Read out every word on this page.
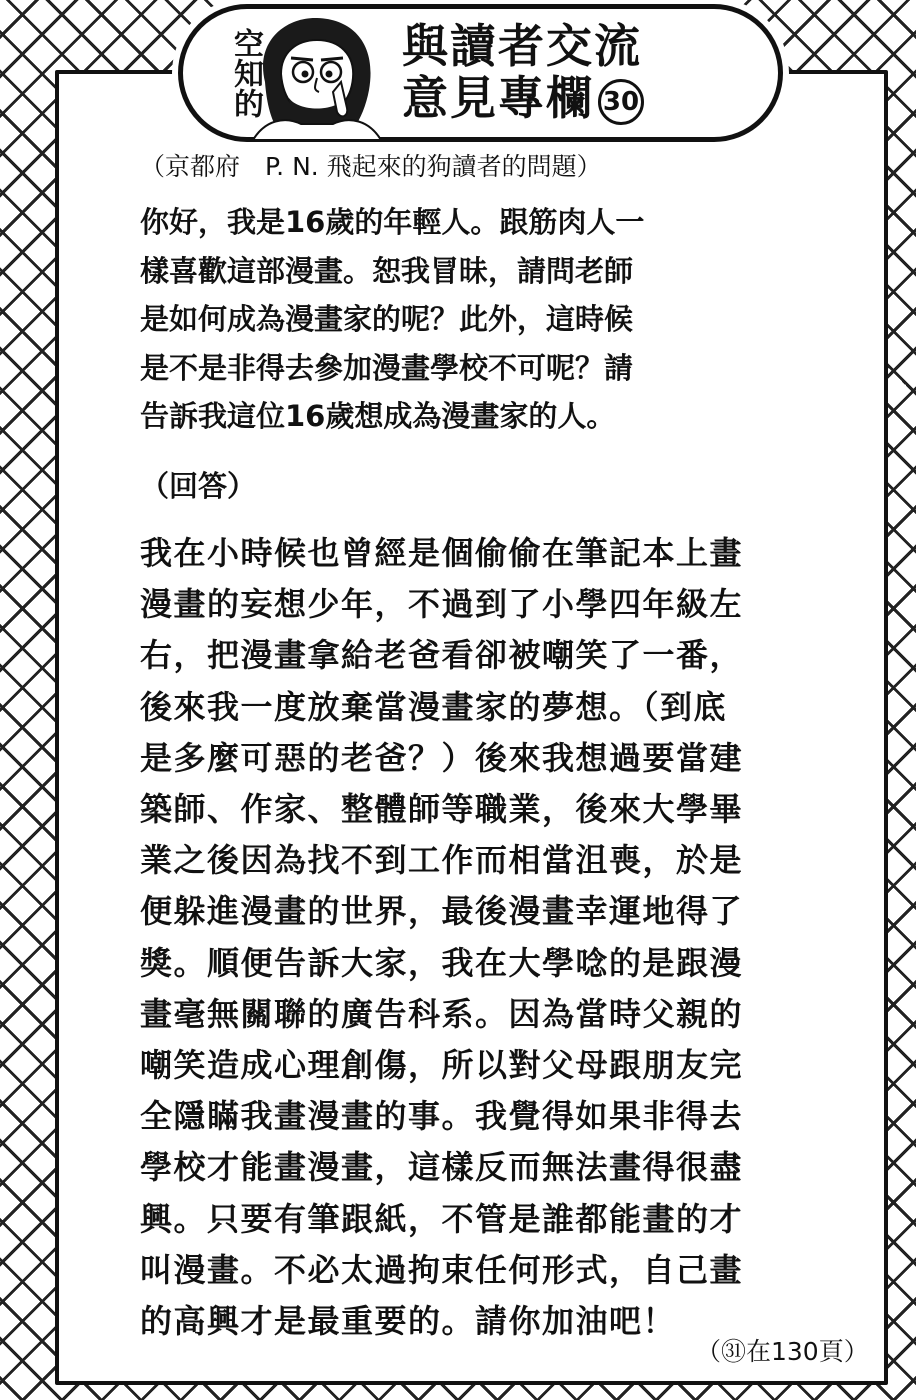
空知的	與讀者交流
意見專欄 30
（京都府　P. N. 飛起來的狗讀者的問題）
你好，我是16歲的年輕人。跟筋肉人一
樣喜歡這部漫畫。恕我冒昧，請問老師
是如何成為漫畫家的呢？此外，這時候
是不是非得去參加漫畫學校不可呢？請
告訴我這位16歲想成為漫畫家的人。
（回答）
我在小時候也曾經是個偷偷在筆記本上畫
漫畫的妄想少年，不過到了小學四年級左
右，把漫畫拿給老爸看卻被嘲笑了一番，
後來我一度放棄當漫畫家的夢想。（到底
是多麼可惡的老爸？）後來我想過要當建
築師、作家、整體師等職業，後來大學畢
業之後因為找不到工作而相當沮喪，於是
便躲進漫畫的世界，最後漫畫幸運地得了
獎。順便告訴大家，我在大學唸的是跟漫
畫毫無關聯的廣告科系。因為當時父親的
嘲笑造成心理創傷，所以對父母跟朋友完
全隱瞞我畫漫畫的事。我覺得如果非得去
學校才能畫漫畫，這樣反而無法畫得很盡
興。只要有筆跟紙，不管是誰都能畫的才
叫漫畫。不必太過拘束任何形式，自己畫
的高興才是最重要的。請你加油吧！
（㉛在130頁）
